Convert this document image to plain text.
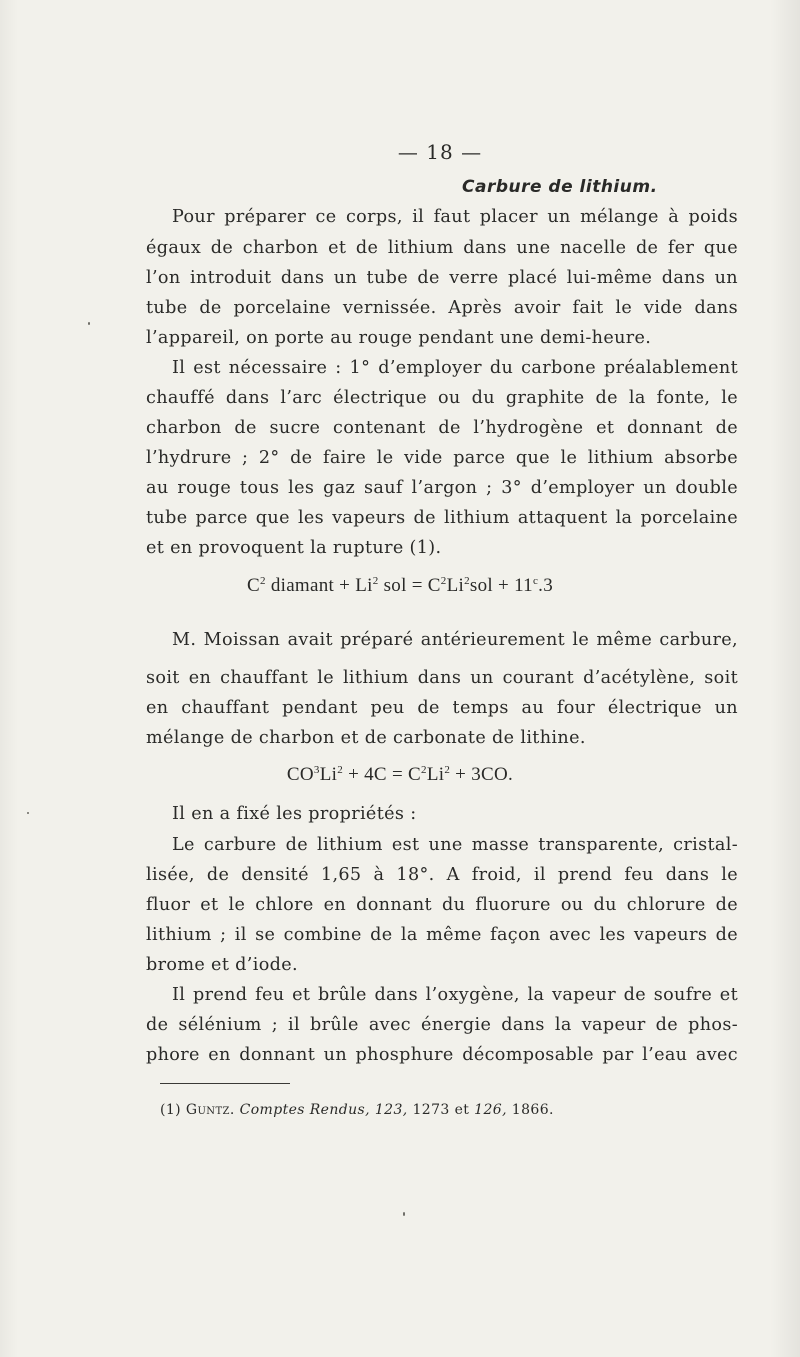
— 18 —
Carbure de lithium.
Pour préparer ce corps, il faut placer un mélange à poids
égaux de charbon et de lithium dans une nacelle de fer que
l’on introduit dans un tube de verre placé lui-même dans un
tube de porcelaine vernissée. Après avoir fait le vide dans
l’appareil, on porte au rouge pendant une demi-heure.
Il est nécessaire : 1° d’employer du carbone préalablement
chauffé dans l’arc électrique ou du graphite de la fonte, le
charbon de sucre contenant de l’hydrogène et donnant de
l’hydrure ; 2° de faire le vide parce que le lithium absorbe
au rouge tous les gaz sauf l’argon ; 3° d’employer un double
tube parce que les vapeurs de lithium attaquent la porcelaine
et en provoquent la rupture (1).
$C^2$ diamant + $Li^2$ sol = $C^2Li^2sol + 11^c.3$
M. Moissan avait préparé antérieurement le même carbure,
soit en chauffant le lithium dans un courant d’acétylène, soit
en chauffant pendant peu de temps au four électrique un
mélange de charbon et de carbonate de lithine.
$CO^3Li^2 + 4C = C^2Li^2 + 3CO$.
Il en a fixé les propriétés :
Le carbure de lithium est une masse transparente, cristal-
lisée, de densité 1,65 à 18°. A froid, il prend feu dans le
fluor et le chlore en donnant du fluorure ou du chlorure de
lithium ; il se combine de la même façon avec les vapeurs de
brome et d’iode.
Il prend feu et brûle dans l’oxygène, la vapeur de soufre et
de sélénium ; il brûle avec énergie dans la vapeur de phos-
phore en donnant un phosphure décomposable par l’eau avec
(1) Guntz. Comptes Rendus, 123, 1273 et 126, 1866.
